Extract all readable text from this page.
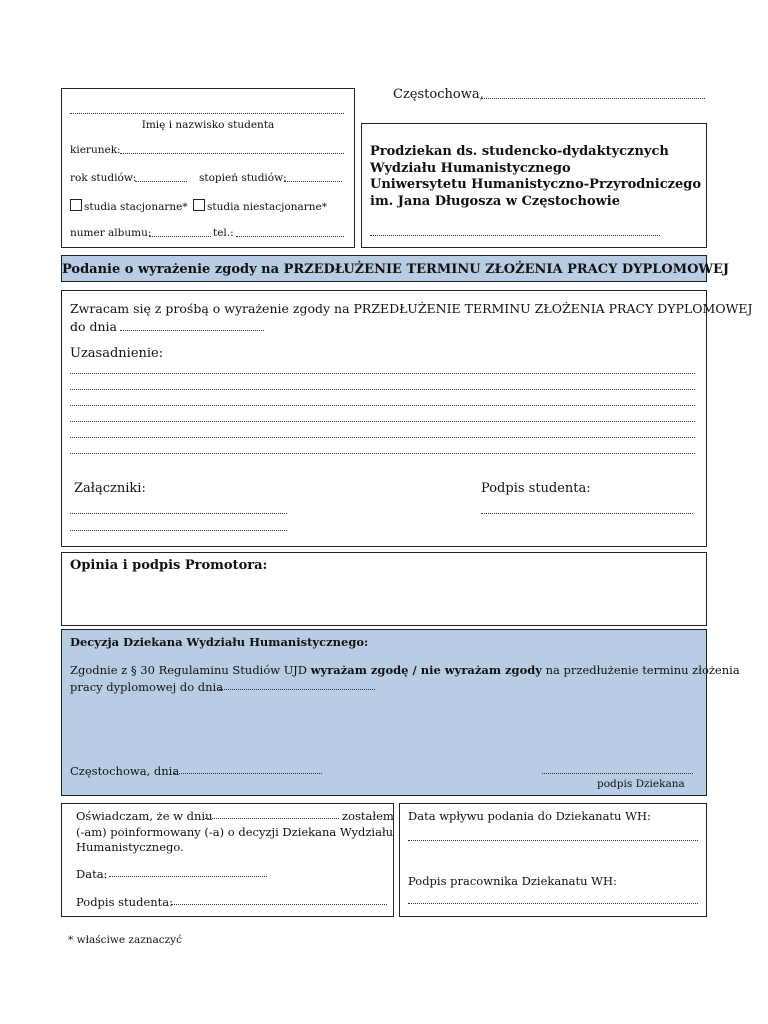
Częstochowa,
Imię i nazwisko studenta
kierunek:
rok studiów:	stopień studiów:
studia stacjonarne*	studia niestacjonarne*
numer albumu:	tel.:
Prodziekan ds. studencko-dydaktycznych
Wydziału Humanistycznego
Uniwersytetu Humanistyczno-Przyrodniczego
im. Jana Długosza w Częstochowie
Podanie o wyrażenie zgody na PRZEDŁUŻENIE TERMINU ZŁOŻENIA PRACY DYPLOMOWEJ
Zwracam się z prośbą o wyrażenie zgody na PRZEDŁUŻENIE TERMINU ZŁOŻENIA PRACY DYPLOMOWEJ
do dnia
Uzasadnienie:
Załączniki:	Podpis studenta:
Opinia i podpis Promotora:
Decyzja Dziekana Wydziału Humanistycznego:
Zgodnie z § 30 Regulaminu Studiów UJD wyrażam zgodę / nie wyrażam zgody na przedłużenie terminu złożenia
pracy dyplomowej do dnia
Częstochowa, dnia
podpis Dziekana
Oświadczam, że w dniu	zostałem
(-am) poinformowany (-a) o decyzji Dziekana Wydziału
Humanistycznego.
Data:
Podpis studenta:
Data wpływu podania do Dziekanatu WH:
Podpis pracownika Dziekanatu WH:
* właściwe zaznaczyć
